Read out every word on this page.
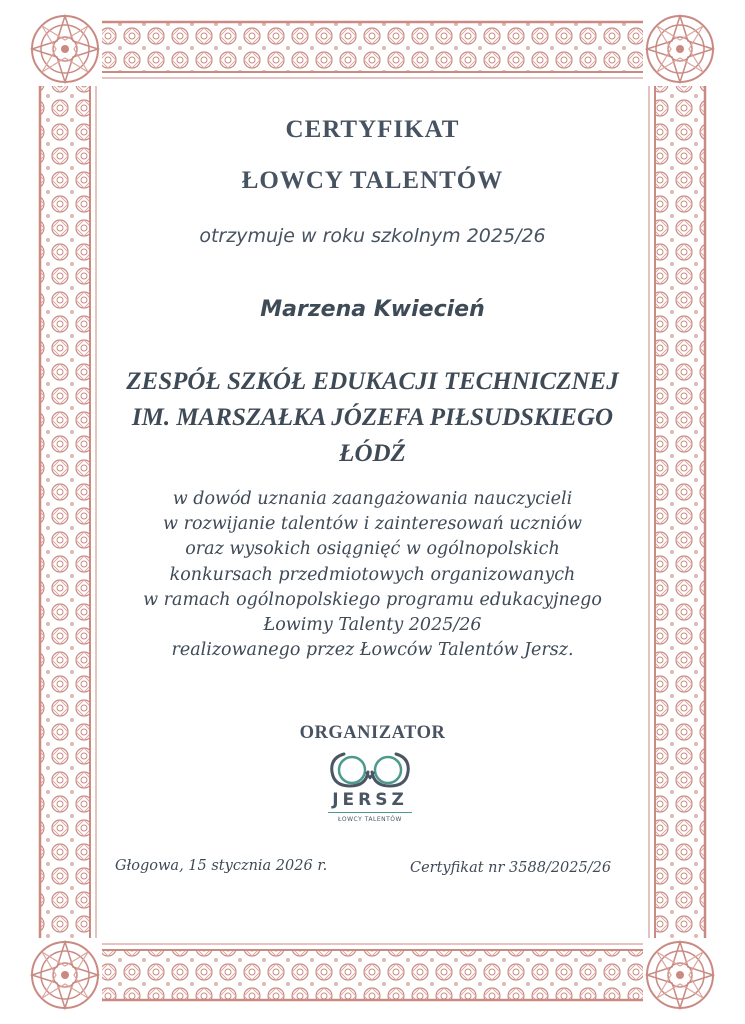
CERTYFIKAT

ŁOWCY TALENTÓW

otrzymuje w roku szkolnym 2025/26

Marzena Kwiecień

ZESPÓŁ SZKÓŁ EDUKACJI TECHNICZNEJ
IM. MARSZAŁKA JÓZEFA PIŁSUDSKIEGO
ŁÓDŹ
w dowód uznania zaangażowania nauczycieli
w rozwijanie talentów i zainteresowań uczniów
oraz wysokich osiągnięć w ogólnopolskich
konkursach przedmiotowych organizowanych
w ramach ogólnopolskiego programu edukacyjnego
Łowimy Talenty 2025/26
realizowanego przez Łowców Talentów Jersz.

ORGANIZATOR

JERSZ
ŁOWCY TALENTÓW
Głogowa, 15 stycznia 2026 r.	Certyfikat nr 3588/2025/26
